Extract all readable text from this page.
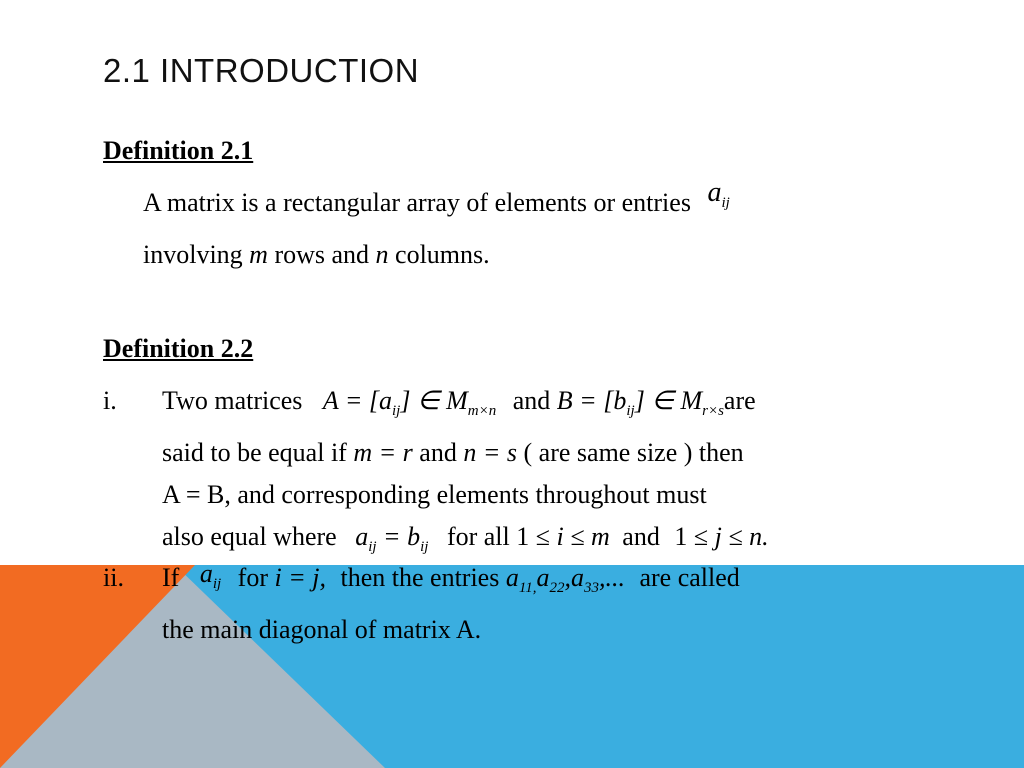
2.1 INTRODUCTION
Definition 2.1
A matrix is a rectangular array of elements or entries $a_{ij}$
involving m rows and n columns.
Definition 2.2
i. Two matrices $A = [a_{ij}]$ ∈ $M_{m\times n}$ and $B = [b_{ij}]$ ∈ $M_{r\times s}are$
said to be equal if m = r and n = s ( are same size ) then
A = B, and corresponding elements throughout must
also equal where $a_{ij} = b_{ij}$ for all 1 ≤ i ≤ m and 1 ≤ j ≤ n.
ii. If $a_{ij}$ for i = j, then the entries $a_{11,}a_{22},a_{33}$,... are called
the main diagonal of matrix A.
